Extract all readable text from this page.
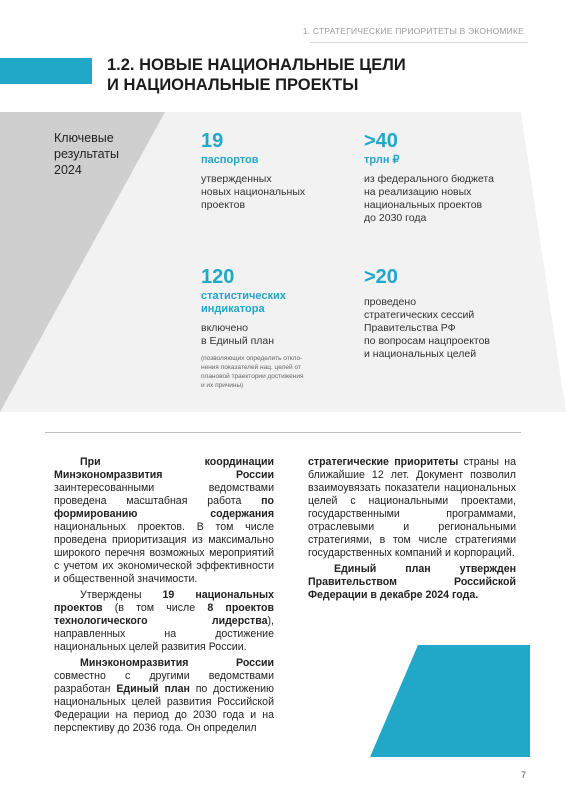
1. СТРАТЕГИЧЕСКИЕ ПРИОРИТЕТЫ В ЭКОНОМИКЕ
1.2. НОВЫЕ НАЦИОНАЛЬНЫЕ ЦЕЛИ
И НАЦИОНАЛЬНЫЕ ПРОЕКТЫ
Ключевые
результаты
2024
19
паспортов
утвержденных
новых национальных
проектов
>40
трлн ₽
из федерального бюджета
на реализацию новых
национальных проектов
до 2030 года
120
статистических
индикатора
включено
в Единый план
(позволяющих определить откло-
нения показателей нац. целей от
плановой траектории достижения
и их причины)
>20
проведено
стратегических сессий
Правительства РФ
по вопросам нацпроектов
и национальных целей

При координации Минэкономразвития России заинтересованными ведомствами проведена масштабная работа по формированию содержания национальных проектов. В том числе проведена приоритизация из максимально широкого перечня возможных мероприятий с учетом их экономической эффективности и общественной значимости.

Утверждены 19 национальных проектов (в том числе 8 проектов технологического лидерства), направленных на достижение национальных целей развития России.

Минэкономразвития России совместно с другими ведомствами разработан Единый план по достижению национальных целей развития Российской Федерации на период до 2030 года и на перспективу до 2036 года. Он определил

стратегические приоритеты страны на ближайшие 12 лет. Документ позволил взаимоувязать показатели национальных целей с национальными проектами, государственными программами, отраслевыми и региональными стратегиями, в том числе стратегиями государственных компаний и корпораций.

Единый план утвержден Правительством Российской Федерации в декабре 2024 года.

7
